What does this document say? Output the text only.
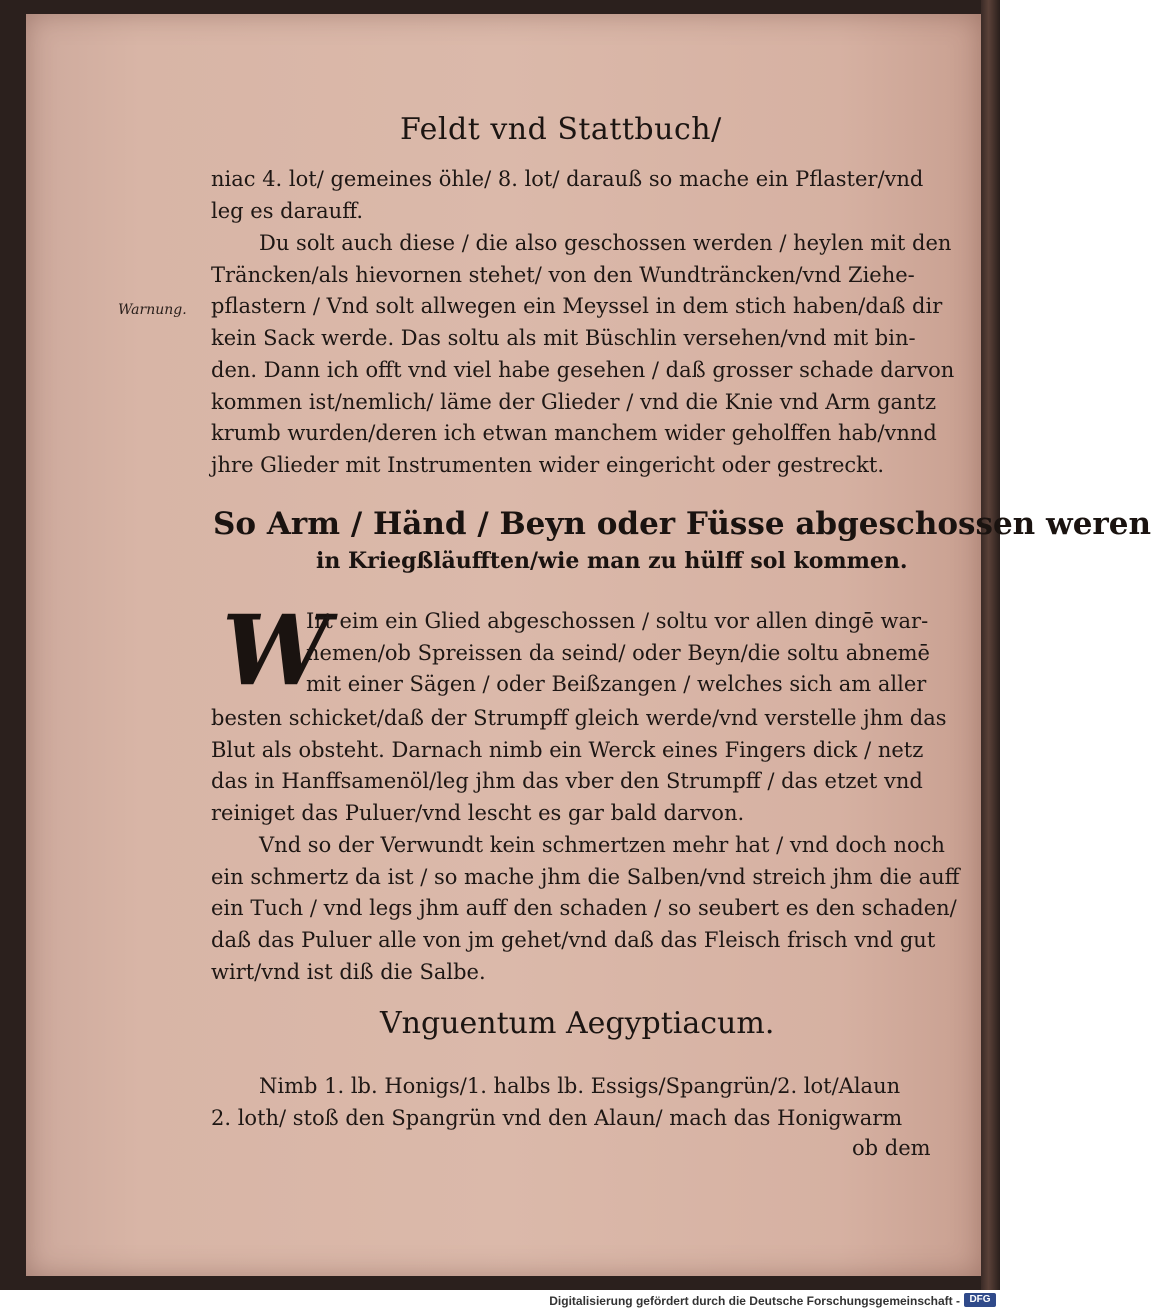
Feldt vnd Stattbuch/
Warnung.
niac 4. lot/ gemeines öhle/ 8. lot/ darauß so mache ein Pflaster/vnd
leg es darauff.
Du solt auch diese / die also geschossen werden / heylen mit den
Träncken/als hievornen stehet/ von den Wundträncken/vnd Ziehe-
pflastern / Vnd solt allwegen ein Meyssel in dem stich haben/daß dir
kein Sack werde. Das soltu als mit Büschlin versehen/vnd mit bin-
den. Dann ich offt vnd viel habe gesehen / daß grosser schade darvon
kommen ist/nemlich/ läme der Glieder / vnd die Knie vnd Arm gantz
krumb wurden/deren ich etwan manchem wider geholffen hab/vnnd
jhre Glieder mit Instrumenten wider eingericht oder gestreckt.
So Arm / Händ / Beyn oder Füsse abgeschossen weren
in Kriegßläufften/wie man zu hülff sol kommen.
W
Irt eim ein Glied abgeschossen / soltu vor allen dingē war-
nemen/ob Spreissen da seind/ oder Beyn/die soltu abnemē
mit einer Sägen / oder Beißzangen / welches sich am aller
besten schicket/daß der Strumpff gleich werde/vnd verstelle jhm das
Blut als obsteht. Darnach nimb ein Werck eines Fingers dick / netz
das in Hanffsamenöl/leg jhm das vber den Strumpff / das etzet vnd
reiniget das Puluer/vnd lescht es gar bald darvon.
Vnd so der Verwundt kein schmertzen mehr hat / vnd doch noch
ein schmertz da ist / so mache jhm die Salben/vnd streich jhm die auff
ein Tuch / vnd legs jhm auff den schaden / so seubert es den schaden/
daß das Puluer alle von jm gehet/vnd daß das Fleisch frisch vnd gut
wirt/vnd ist diß die Salbe.
Vnguentum Aegyptiacum.
Nimb 1. lb. Honigs/1. halbs lb. Essigs/Spangrün/2. lot/Alaun
2. loth/ stoß den Spangrün vnd den Alaun/ mach das Honigwarm
ob dem
Digitalisierung gefördert durch die Deutsche Forschungsgemeinschaft - DFG
